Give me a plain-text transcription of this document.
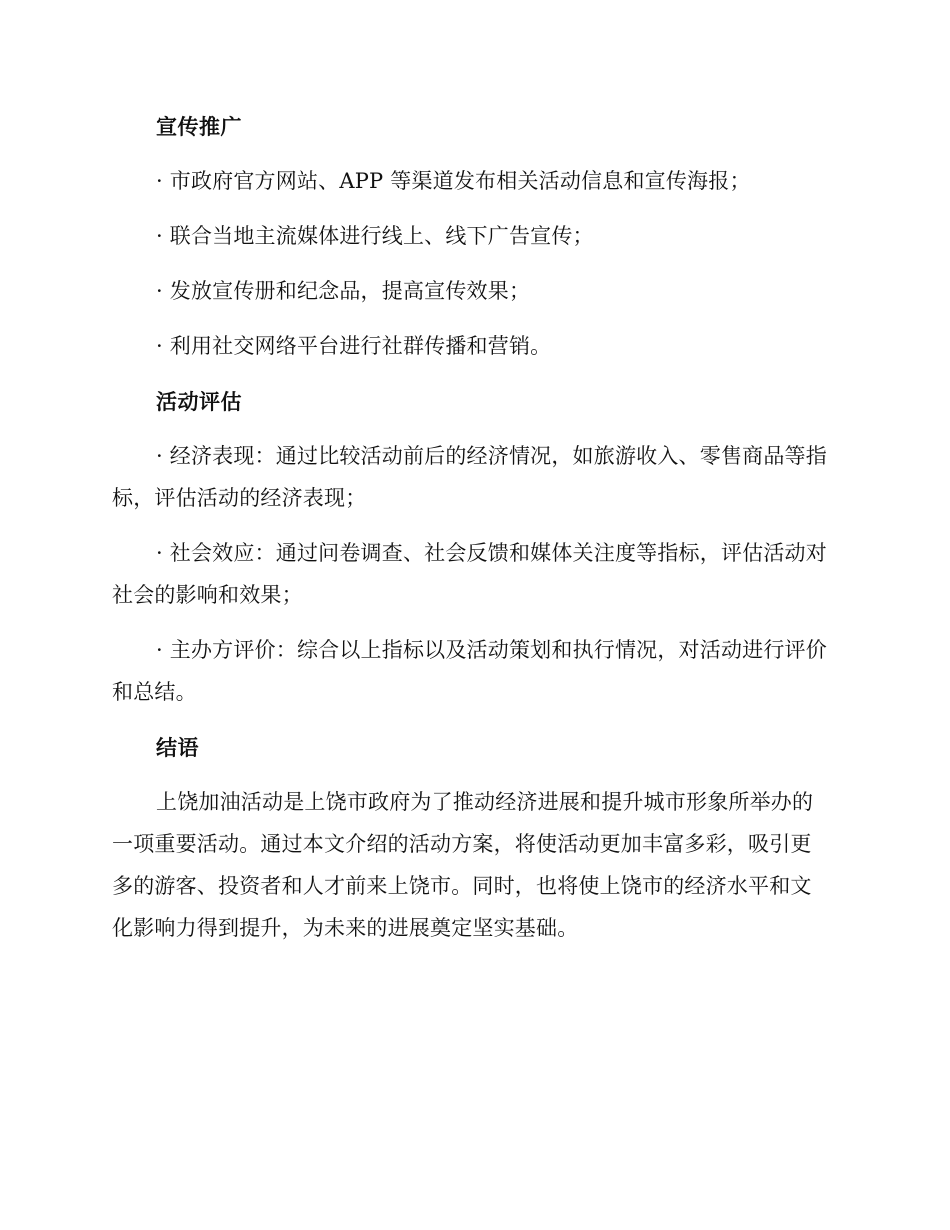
宣传推广

· 市政府官方网站、APP 等渠道发布相关活动信息和宣传海报；

· 联合当地主流媒体进行线上、线下广告宣传；

· 发放宣传册和纪念品，提高宣传效果；

· 利用社交网络平台进行社群传播和营销。

活动评估

· 经济表现：通过比较活动前后的经济情况，如旅游收入、零售商品等指标，评估活动的经济表现；

· 社会效应：通过问卷调查、社会反馈和媒体关注度等指标，评估活动对社会的影响和效果；

· 主办方评价：综合以上指标以及活动策划和执行情况，对活动进行评价和总结。

结语

上饶加油活动是上饶市政府为了推动经济进展和提升城市形象所举办的一项重要活动。通过本文介绍的活动方案，将使活动更加丰富多彩，吸引更多的游客、投资者和人才前来上饶市。同时，也将使上饶市的经济水平和文化影响力得到提升，为未来的进展奠定坚实基础。
